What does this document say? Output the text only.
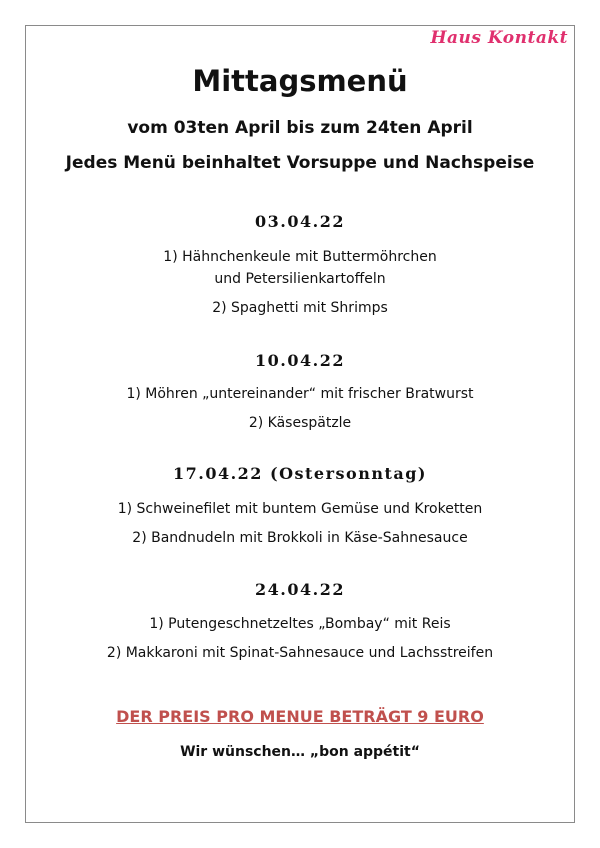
Haus Kontakt
Mittagsmenü
vom 03ten April bis zum 24ten April
Jedes Menü beinhaltet Vorsuppe und Nachspeise
03.04.22
1) Hähnchenkeule mit Buttermöhrchen
und Petersilienkartoffeln
2) Spaghetti mit Shrimps
10.04.22
1) Möhren „untereinander“ mit frischer Bratwurst
2) Käsespätzle
17.04.22 (Ostersonntag)
1) Schweinefilet mit buntem Gemüse und Kroketten
2) Bandnudeln mit Brokkoli in Käse-Sahnesauce
24.04.22
1) Putengeschnetzeltes „Bombay“ mit Reis
2) Makkaroni mit Spinat-Sahnesauce und Lachsstreifen
DER PREIS PRO MENUE BETRÄGT 9 EURO
Wir wünschen… „bon appétit“
